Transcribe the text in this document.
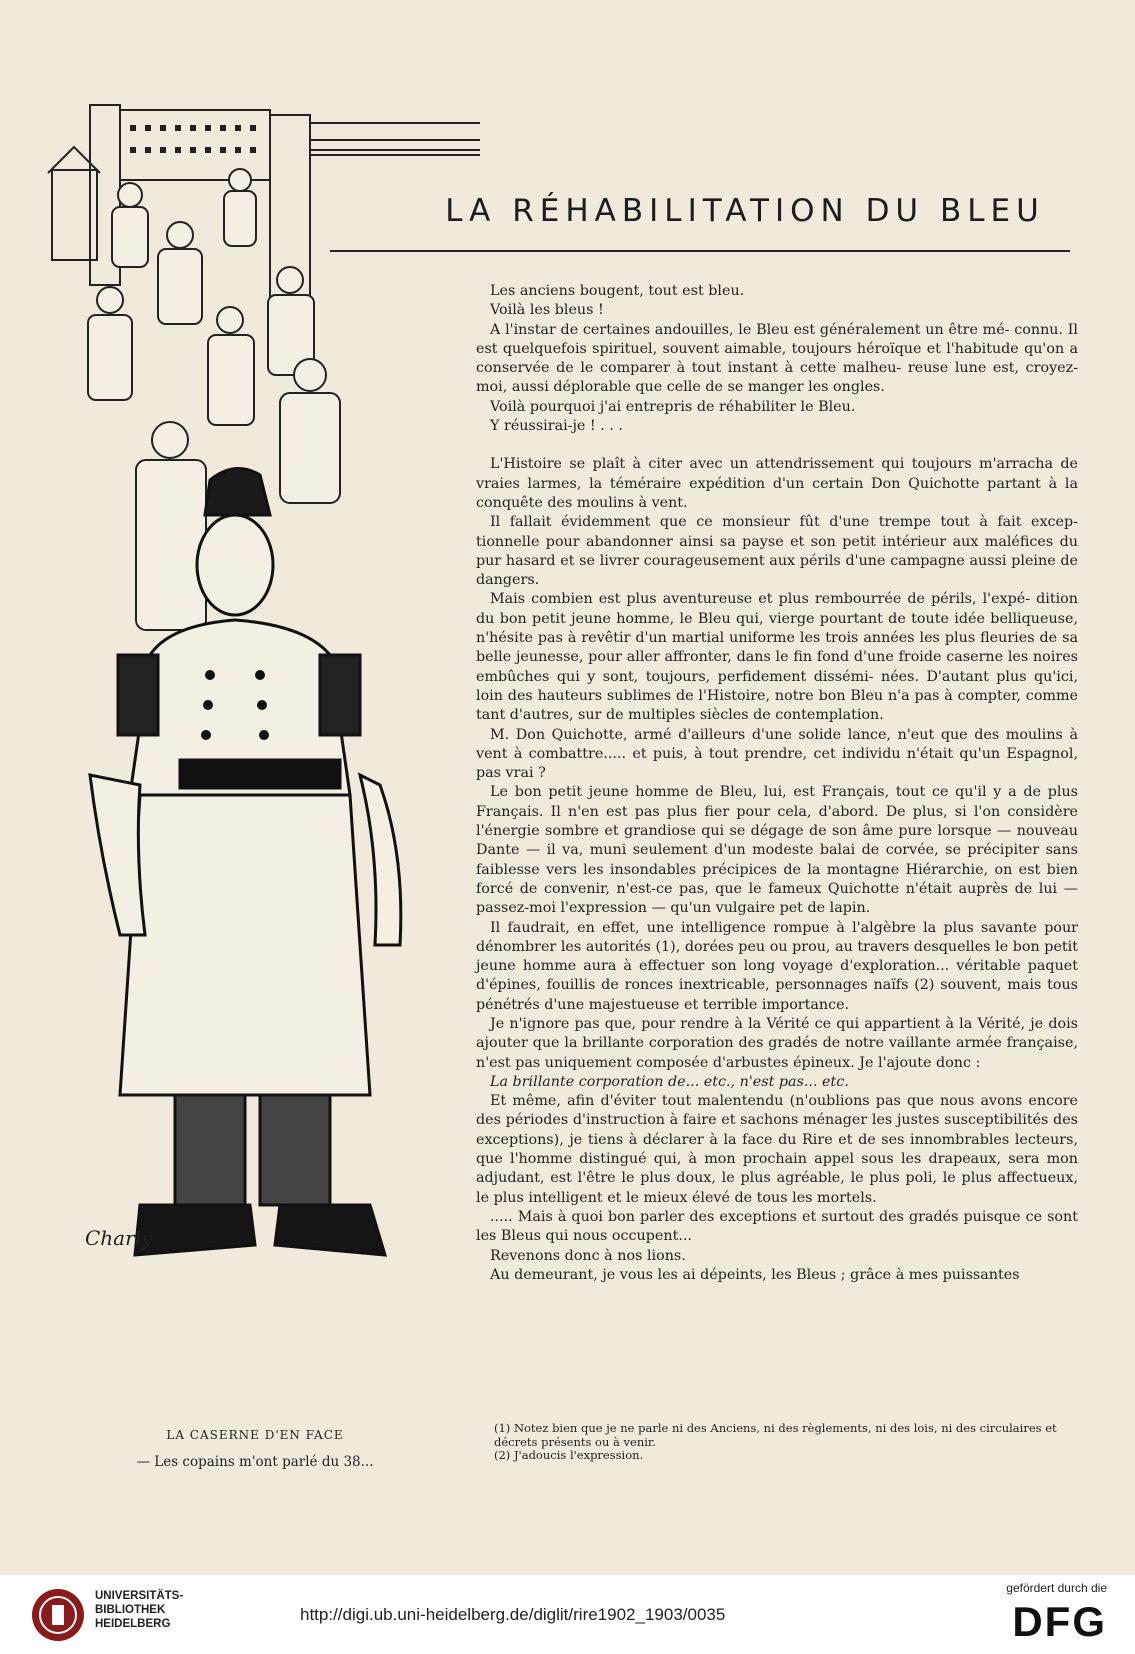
Charly
LA RÉHABILITATION DU BLEU

Les anciens bougent, tout est bleu.

Voilà les bleus !

A l'instar de certaines andouilles, le Bleu est généralement un être mé- connu. Il est quelquefois spirituel, souvent aimable, toujours héroïque et l'habitude qu'on a conservée de le comparer à tout instant à cette malheu- reuse lune est, croyez-moi, aussi déplorable que celle de se manger les ongles.

Voilà pourquoi j'ai entrepris de réhabiliter le Bleu.

Y réussirai-je ! . . .

L'Histoire se plaît à citer avec un attendrissement qui toujours m'arracha de vraies larmes, la téméraire expédition d'un certain Don Quichotte partant à la conquête des moulins à vent.

Il fallait évidemment que ce monsieur fût d'une trempe tout à fait excep- tionnelle pour abandonner ainsi sa payse et son petit intérieur aux maléfices du pur hasard et se livrer courageusement aux périls d'une campagne aussi pleine de dangers.

Mais combien est plus aventureuse et plus rembourrée de périls, l'expé- dition du bon petit jeune homme, le Bleu qui, vierge pourtant de toute idée belliqueuse, n'hésite pas à revêtir d'un martial uniforme les trois années les plus fleuries de sa belle jeunesse, pour aller affronter, dans le fin fond d'une froide caserne les noires embûches qui y sont, toujours, perfidement dissémi- nées. D'autant plus qu'ici, loin des hauteurs sublimes de l'Histoire, notre bon Bleu n'a pas à compter, comme tant d'autres, sur de multiples siècles de contemplation.

M. Don Quichotte, armé d'ailleurs d'une solide lance, n'eut que des moulins à vent à combattre..... et puis, à tout prendre, cet individu n'était qu'un Espagnol, pas vrai ?

Le bon petit jeune homme de Bleu, lui, est Français, tout ce qu'il y a de plus Français. Il n'en est pas plus fier pour cela, d'abord. De plus, si l'on considère l'énergie sombre et grandiose qui se dégage de son âme pure lorsque — nouveau Dante — il va, muni seulement d'un modeste balai de corvée, se précipiter sans faiblesse vers les insondables précipices de la montagne Hiérarchie, on est bien forcé de convenir, n'est-ce pas, que le fameux Quichotte n'était auprès de lui — passez-moi l'expression — qu'un vulgaire pet de lapin.

Il faudrait, en effet, une intelligence rompue à l'algèbre la plus savante pour dénombrer les autorités (1), dorées peu ou prou, au travers desquelles le bon petit jeune homme aura à effectuer son long voyage d'exploration... véritable paquet d'épines, fouillis de ronces inextricable, personnages naïfs (2) souvent, mais tous pénétrés d'une majestueuse et terrible importance.

Je n'ignore pas que, pour rendre à la Vérité ce qui appartient à la Vérité, je dois ajouter que la brillante corporation des gradés de notre vaillante armée française, n'est pas uniquement composée d'arbustes épineux. Je l'ajoute donc :

La brillante corporation de... etc., n'est pas... etc.

Et même, afin d'éviter tout malentendu (n'oublions pas que nous avons encore des périodes d'instruction à faire et sachons ménager les justes susceptibilités des exceptions), je tiens à déclarer à la face du Rire et de ses innombrables lecteurs, que l'homme distingué qui, à mon prochain appel sous les drapeaux, sera mon adjudant, est l'être le plus doux, le plus agréable, le plus poli, le plus affectueux, le plus intelligent et le mieux élevé de tous les mortels.

..... Mais à quoi bon parler des exceptions et surtout des gradés puisque ce sont les Bleus qui nous occupent...

Revenons donc à nos lions.

Au demeurant, je vous les ai dépeints, les Bleus ; grâce à mes puissantes

(1) Notez bien que je ne parle ni des Anciens, ni des règlements, ni des lois, ni des circulaires et décrets présents ou à venir.

(2) J'adoucis l'expression.

LA CASERNE D'EN FACE
— Les copains m'ont parlé du 38...
UNIVERSITÄTS-
BIBLIOTHEK
HEIDELBERG	http://digi.ub.uni-heidelberg.de/diglit/rire1902_1903/0035
gefördert durch die
DFG
